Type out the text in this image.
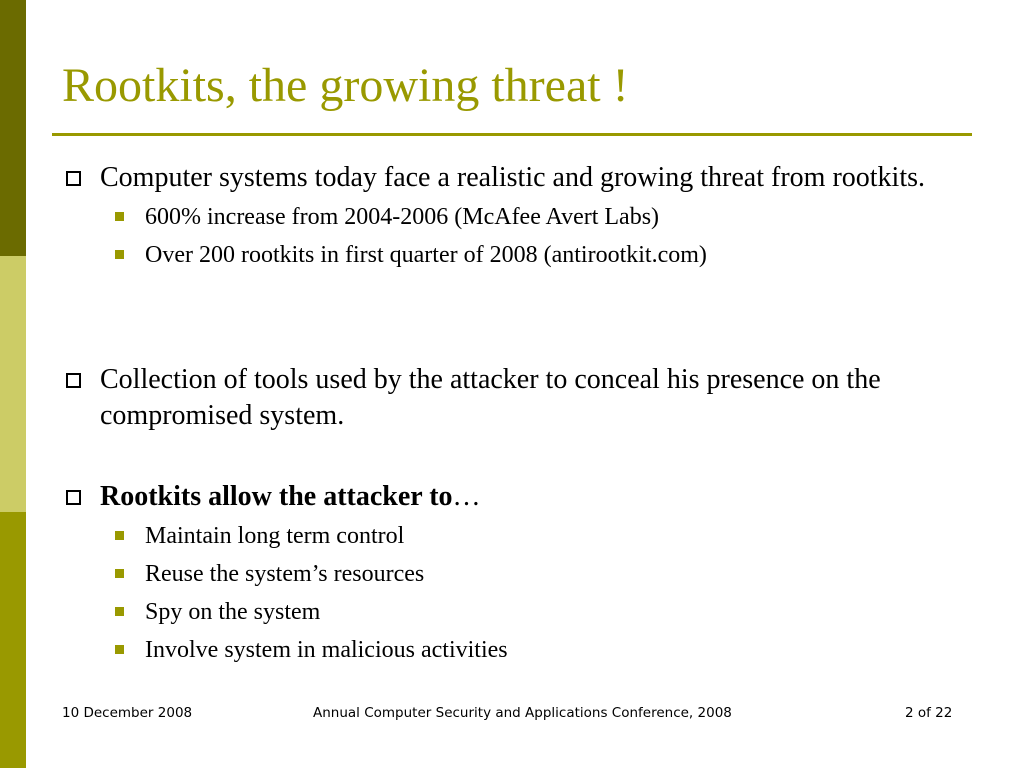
Rootkits, the growing threat !
Computer systems today face a realistic and growing threat from rootkits.
600% increase from 2004-2006 (McAfee Avert Labs)
Over 200 rootkits in first quarter of 2008 (antirootkit.com)
Collection of tools used by the attacker to conceal his presence on the compromised system.
Rootkits allow the attacker to…
Maintain long term control
Reuse the system’s resources
Spy on the system
Involve system in malicious activities
10 December 2008	Annual Computer Security and Applications Conference, 2008	2 of 22
